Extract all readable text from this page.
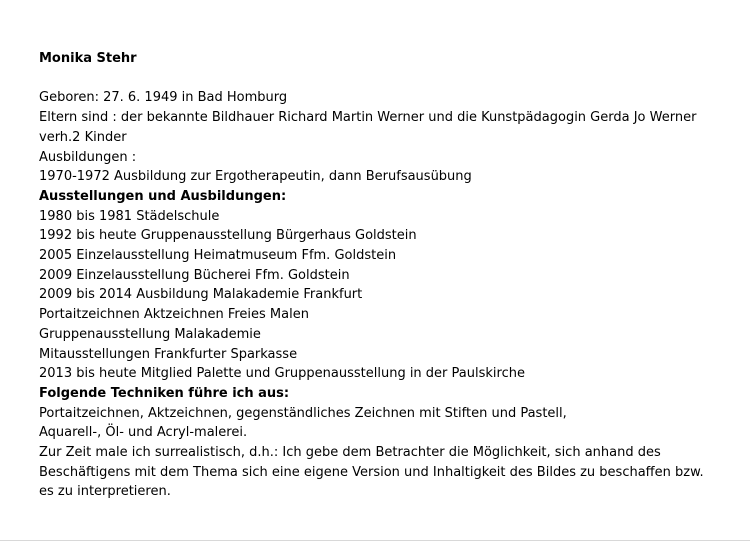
Monika Stehr
Geboren: 27. 6. 1949 in Bad Homburg
Eltern sind : der bekannte Bildhauer Richard Martin Werner und die Kunstpädagogin Gerda Jo Werner
verh.2 Kinder
Ausbildungen :
1970-1972 Ausbildung zur Ergotherapeutin, dann Berufsausübung
Ausstellungen und Ausbildungen:
1980 bis 1981 Städelschule
1992 bis heute Gruppenausstellung Bürgerhaus Goldstein
2005 Einzelausstellung Heimatmuseum Ffm. Goldstein
2009 Einzelausstellung Bücherei Ffm. Goldstein
2009 bis 2014 Ausbildung Malakademie Frankfurt
Portaitzeichnen Aktzeichnen Freies Malen
Gruppenausstellung Malakademie
Mitausstellungen Frankfurter Sparkasse
2013 bis heute Mitglied Palette und Gruppenausstellung in der Paulskirche
Folgende Techniken führe ich aus:
Portaitzeichnen, Aktzeichnen, gegenständliches Zeichnen mit Stiften und Pastell,
Aquarell-, Öl- und Acryl-malerei.
Zur Zeit male ich surrealistisch, d.h.: Ich gebe dem Betrachter die Möglichkeit, sich anhand des
Beschäftigens mit dem Thema sich eine eigene Version und Inhaltigkeit des Bildes zu beschaffen bzw.
es zu interpretieren.
